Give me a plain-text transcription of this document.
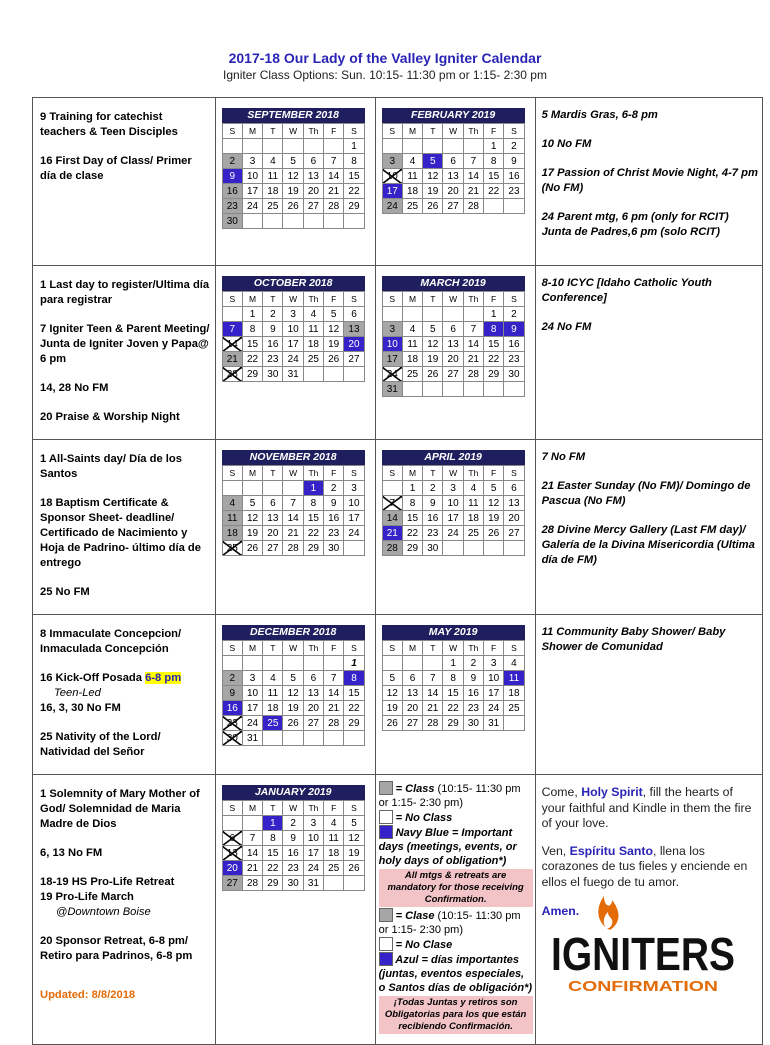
2017-18 Our Lady of the Valley Igniter Calendar
Igniter Class Options: Sun. 10:15- 11:30 pm or 1:15- 2:30 pm
9 Training for catechist teachers & Teen Disciples
16 First Day of Class/ Primer día de clase

SEPTEMBER 2018
S	M	T	W	Th	F	S
						1
2	3	4	5	6	7	8
9	10	11	12	13	14	15
16	17	18	19	20	21	22
23	24	25	26	27	28	29
30						

FEBRUARY 2019
S	M	T	W	Th	F	S
					1	2
3	4	5	6	7	8	9
10	11	12	13	14	15	16
17	18	19	20	21	22	23
24	25	26	27	28		

5 Mardis Gras, 6-8 pm
10 No FM
17 Passion of Christ Movie Night, 4-7 pm (No FM)
24 Parent mtg, 6 pm (only for RCIT) Junta de Padres,6 pm (solo RCIT)

1 Last day to register/Ultima día para registrar
7 Igniter Teen & Parent Meeting/ Junta de Igniter Joven y Papa@ 6 pm
14, 28 No FM
20 Praise & Worship Night

OCTOBER 2018
S	M	T	W	Th	F	S
	1	2	3	4	5	6
7	8	9	10	11	12	13
14	15	16	17	18	19	20
21	22	23	24	25	26	27
28	29	30	31			

MARCH 2019
S	M	T	W	Th	F	S
					1	2
3	4	5	6	7	8	9
10	11	12	13	14	15	16
17	18	19	20	21	22	23
24	25	26	27	28	29	30
31						

8-10 ICYC [Idaho Catholic Youth Conference]
24 No FM

1 All-Saints day/ Día de los Santos
18 Baptism Certificate & Sponsor Sheet- deadline/ Certificado de Nacimiento y Hoja de Padrino- último día de entrego
25 No FM

NOVEMBER 2018
S	M	T	W	Th	F	S
				1	2	3
4	5	6	7	8	9	10
11	12	13	14	15	16	17
18	19	20	21	22	23	24
25	26	27	28	29	30	

APRIL 2019
S	M	T	W	Th	F	S
	1	2	3	4	5	6
7	8	9	10	11	12	13
14	15	16	17	18	19	20
21	22	23	24	25	26	27
28	29	30				

7 No FM
21 Easter Sunday (No FM)/ Domingo de Pascua (No FM)
28 Divine Mercy Gallery (Last FM day)/ Galería de la Divina Misericordia (Ultima día de FM)

8 Immaculate Concepcion/ Inmaculada Concepción
16 Kick-Off Posada 6-8 pm
Teen-Led
16, 3, 30 No FM
25 Nativity of the Lord/ Natividad del Señor

DECEMBER 2018
S	M	T	W	Th	F	S
						1
2	3	4	5	6	7	8
9	10	11	12	13	14	15
16	17	18	19	20	21	22
23	24	25	26	27	28	29
30	31					

MAY 2019
S	M	T	W	Th	F	S
			1	2	3	4
5	6	7	8	9	10	11
12	13	14	15	16	17	18
19	20	21	22	23	24	25
26	27	28	29	30	31	

11 Community Baby Shower/ Baby Shower de Comunidad

1 Solemnity of Mary Mother of God/ Solemnidad de Maria Madre de Dios
6, 13 No FM
18-19 HS Pro-Life Retreat
19 Pro-Life March
@Downtown Boise
20 Sponsor Retreat, 6-8 pm/ Retiro para Padrinos, 6-8 pm
Updated: 8/8/2018

JANUARY 2019
S	M	T	W	Th	F	S
		1	2	3	4	5
6	7	8	9	10	11	12
13	14	15	16	17	18	19
20	21	22	23	24	25	26
27	28	29	30	31		

= Class (10:15- 11:30 pm or 1:15- 2:30 pm)
= No Class
Navy Blue = Important days (meetings, events, or holy days of obligation*)
All mtgs & retreats are mandatory for those receiving Confirmation.
= Clase (10:15- 11:30 pm or 1:15- 2:30 pm)
= No Clase
Azul = días importantes (juntas, eventos especiales, o Santos días de obligación*)
¡Todas Juntas y retiros son Obligatorias para los que están recibiendo Confirmación.

Come, Holy Spirit, fill the hearts of your faithful and Kindle in them the fire of your love.
Ven, Espíritu Santo, llena los corazones de tus fieles y enciende en ellos el fuego de tu amor.
Amen.
IGNITERS
CONFIRMATION
